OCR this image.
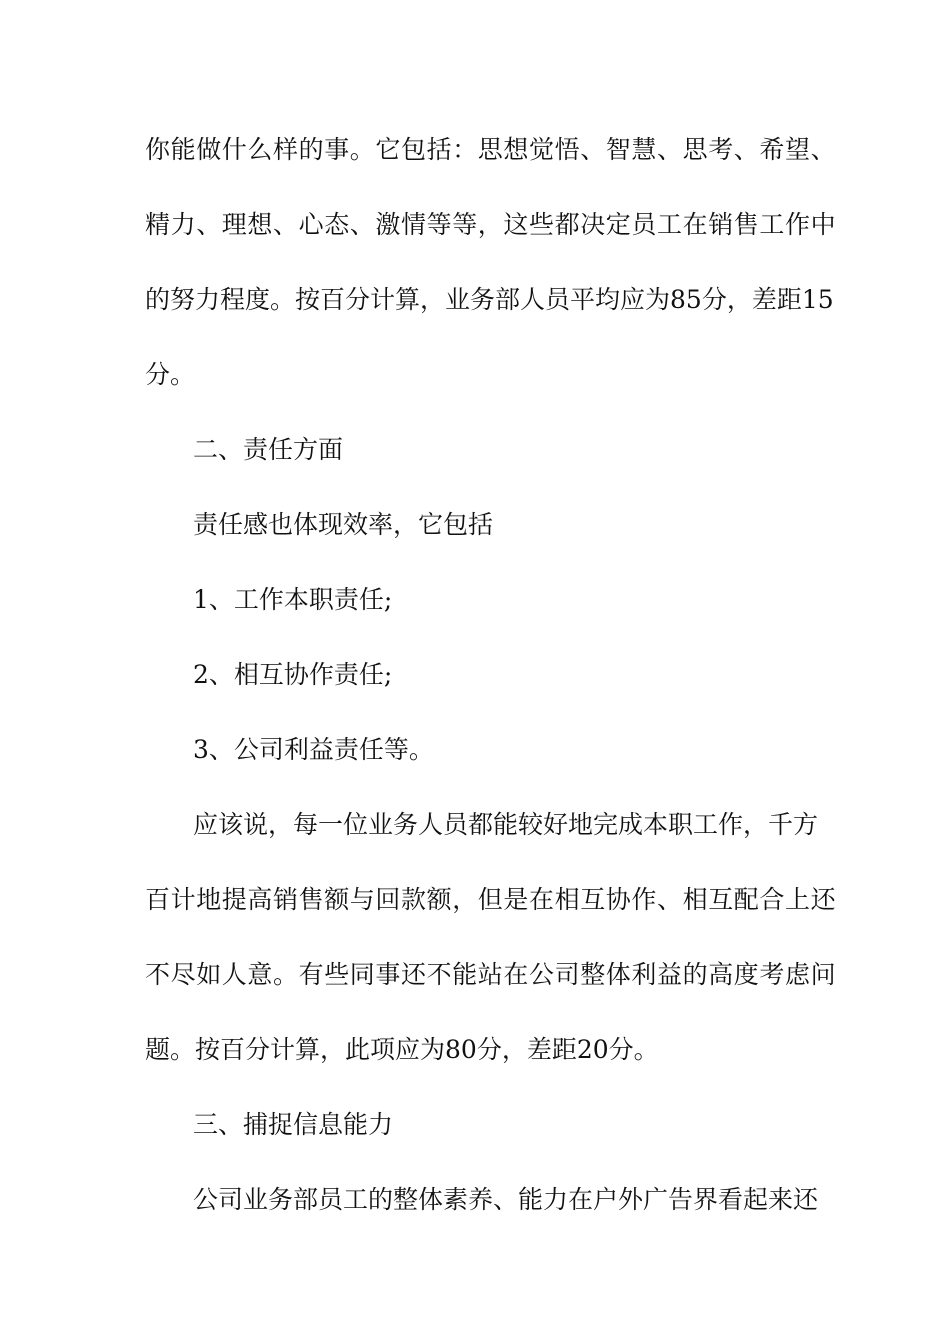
你能做什么样的事。它包括：思想觉悟、智慧、思考、希望、

精力、理想、心态、激情等等，这些都决定员工在销售工作中

的努力程度。按百分计算，业务部人员平均应为85分，差距15

分。

二、责任方面

责任感也体现效率，它包括

1、工作本职责任;

2、相互协作责任;

3、公司利益责任等。

应该说，每一位业务人员都能较好地完成本职工作，千方

百计地提高销售额与回款额，但是在相互协作、相互配合上还

不尽如人意。有些同事还不能站在公司整体利益的高度考虑问

题。按百分计算，此项应为80分，差距20分。

三、捕捉信息能力

公司业务部员工的整体素养、能力在户外广告界看起来还
